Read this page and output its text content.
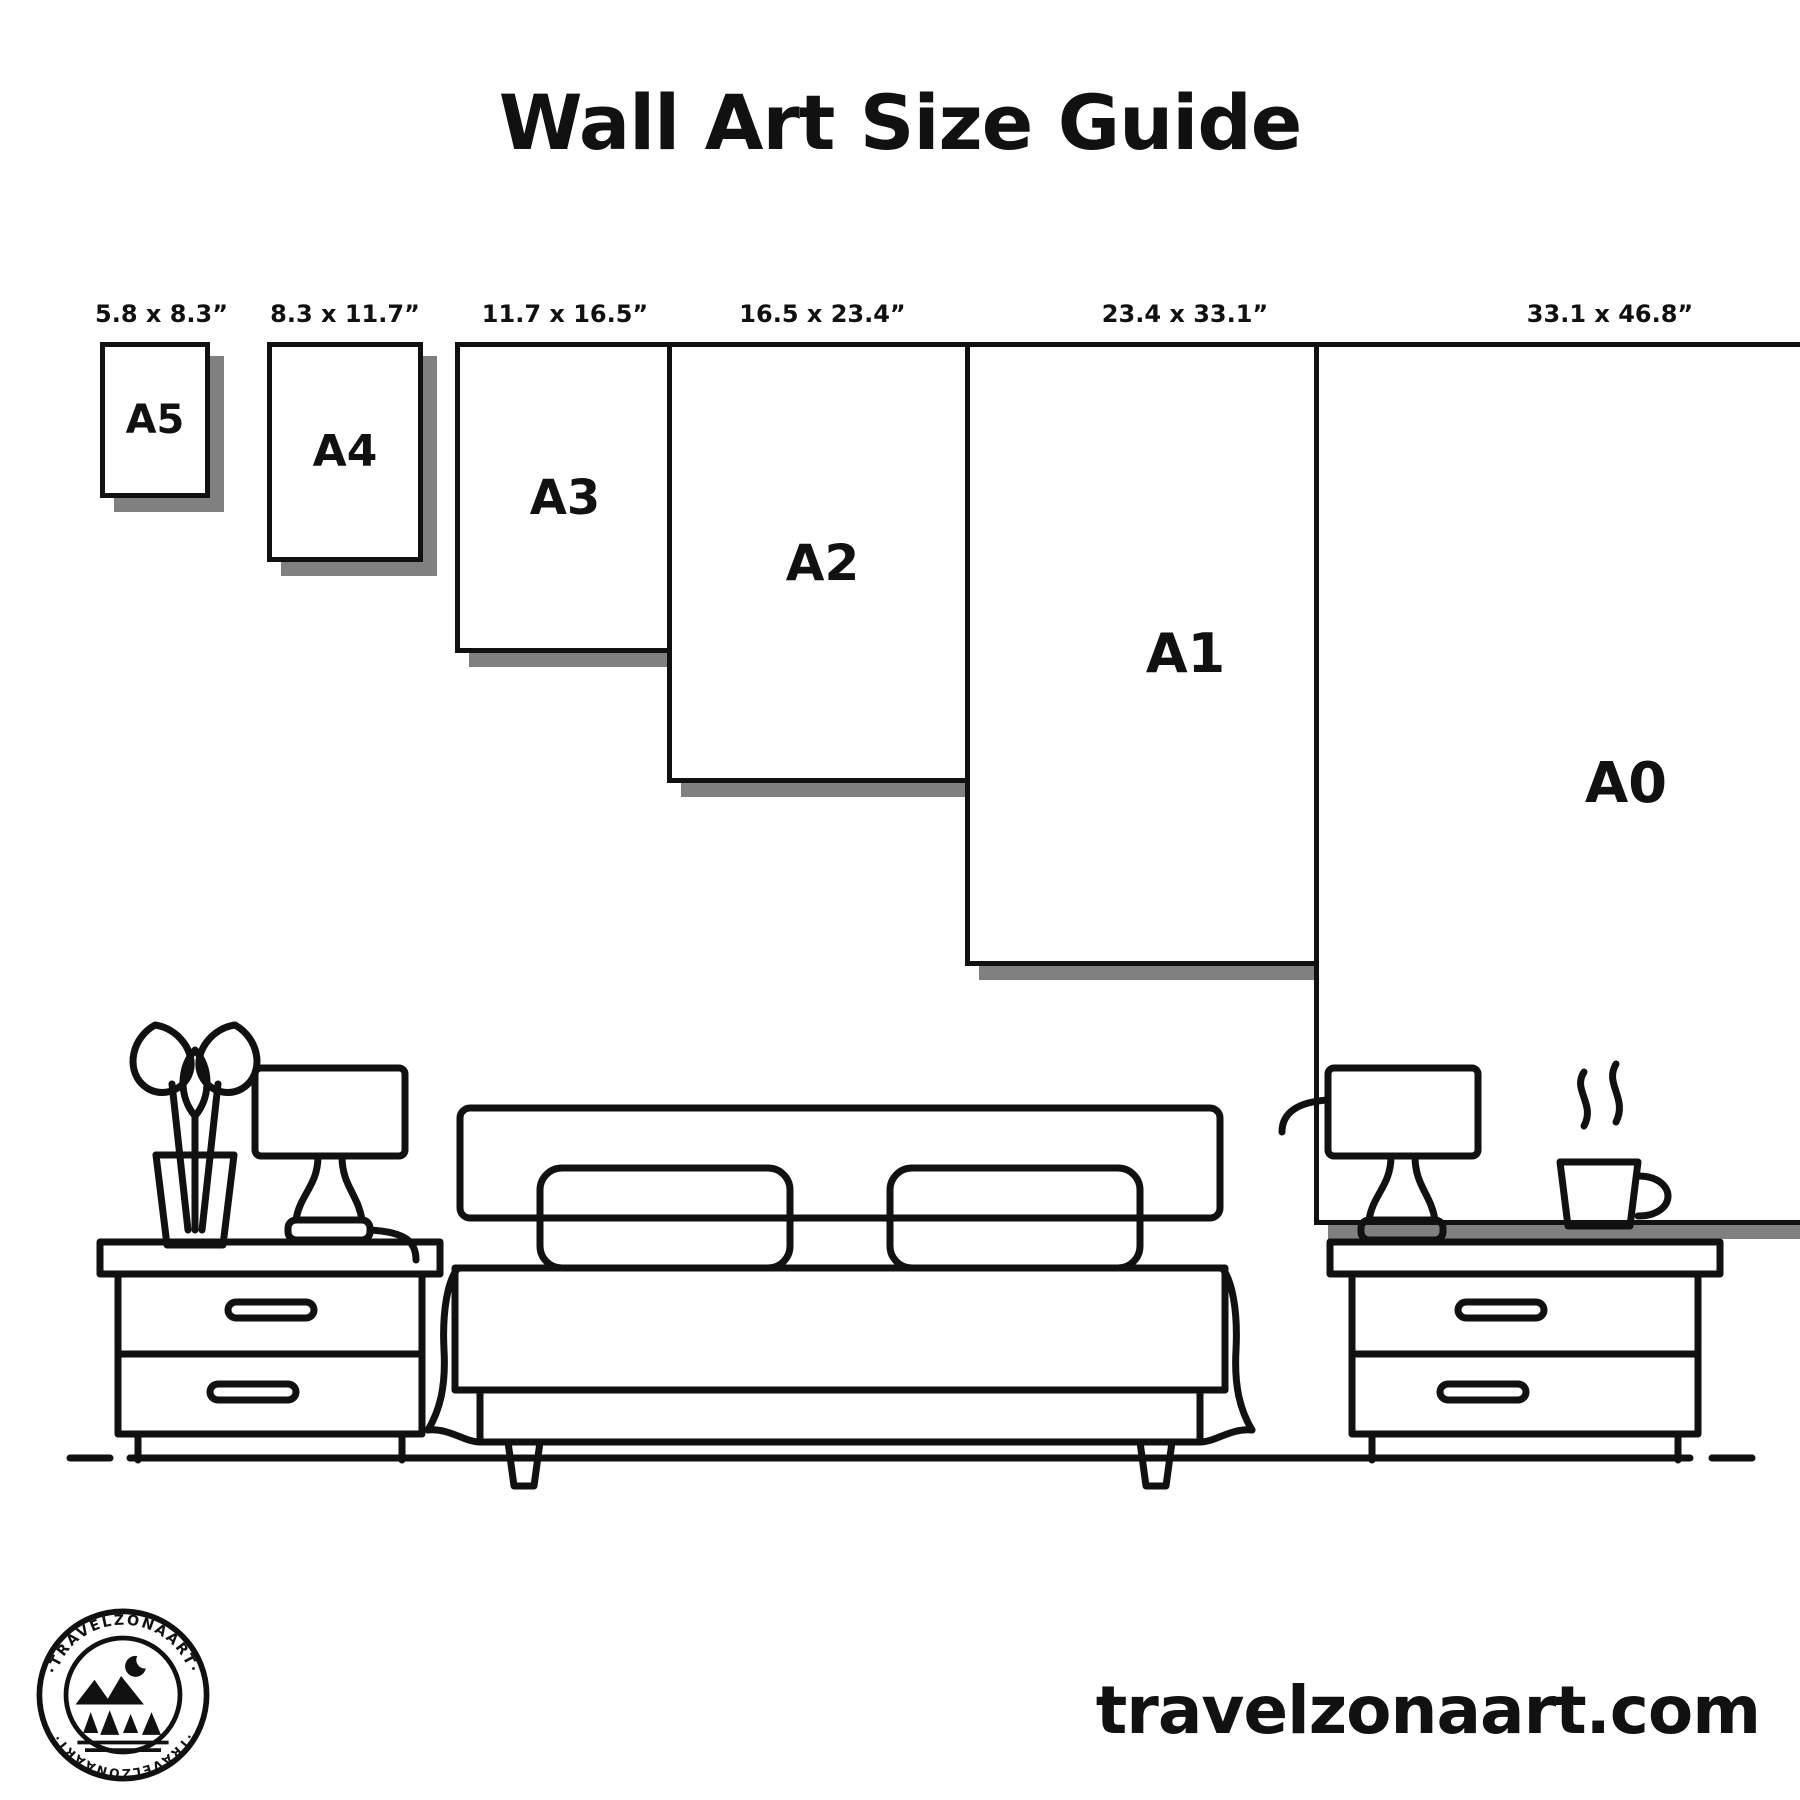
Wall Art Size Guide
5.8 x 8.3”
A5
8.3 x 11.7”
A4
11.7 x 16.5”
A3
16.5 x 23.4”
A2
23.4 x 33.1”
A1
33.1 x 46.8”
A0
·TRAVELZONAART·
·TRAVELZONAART·	travelzonaart.com
